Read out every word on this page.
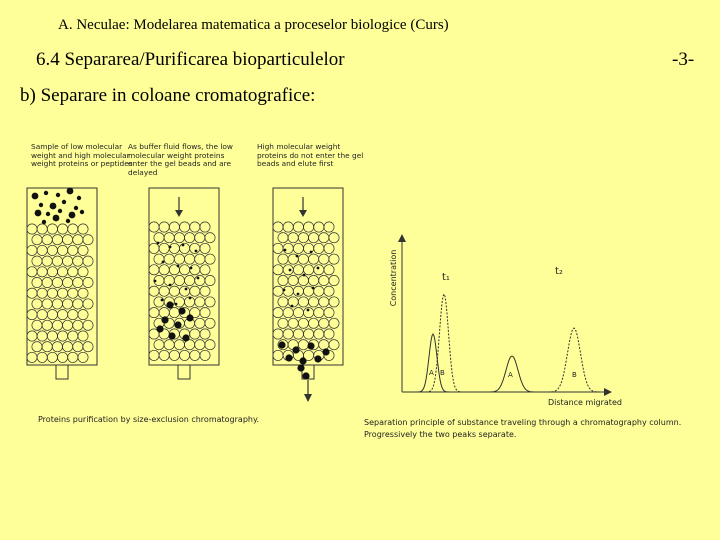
A. Neculae: Modelarea matematica a proceselor biologice (Curs)
6.4 Separarea/Purificarea bioparticulelor	-3-
b) Separare in coloane cromatografice:
Sample of low molecular weight and high molecular weight proteins or peptides
As buffer fluid flows, the low molecular weight proteins enter the gel beads and are delayed
High molecular weight proteins do not enter the gel beads and elute first
Concentration
Distance migrated
t₁
t₂
A B	A	B
Proteins purification by size-exclusion chromatography.	Separation principle of substance traveling through a chromatography column.
Progressively the two peaks separate.
